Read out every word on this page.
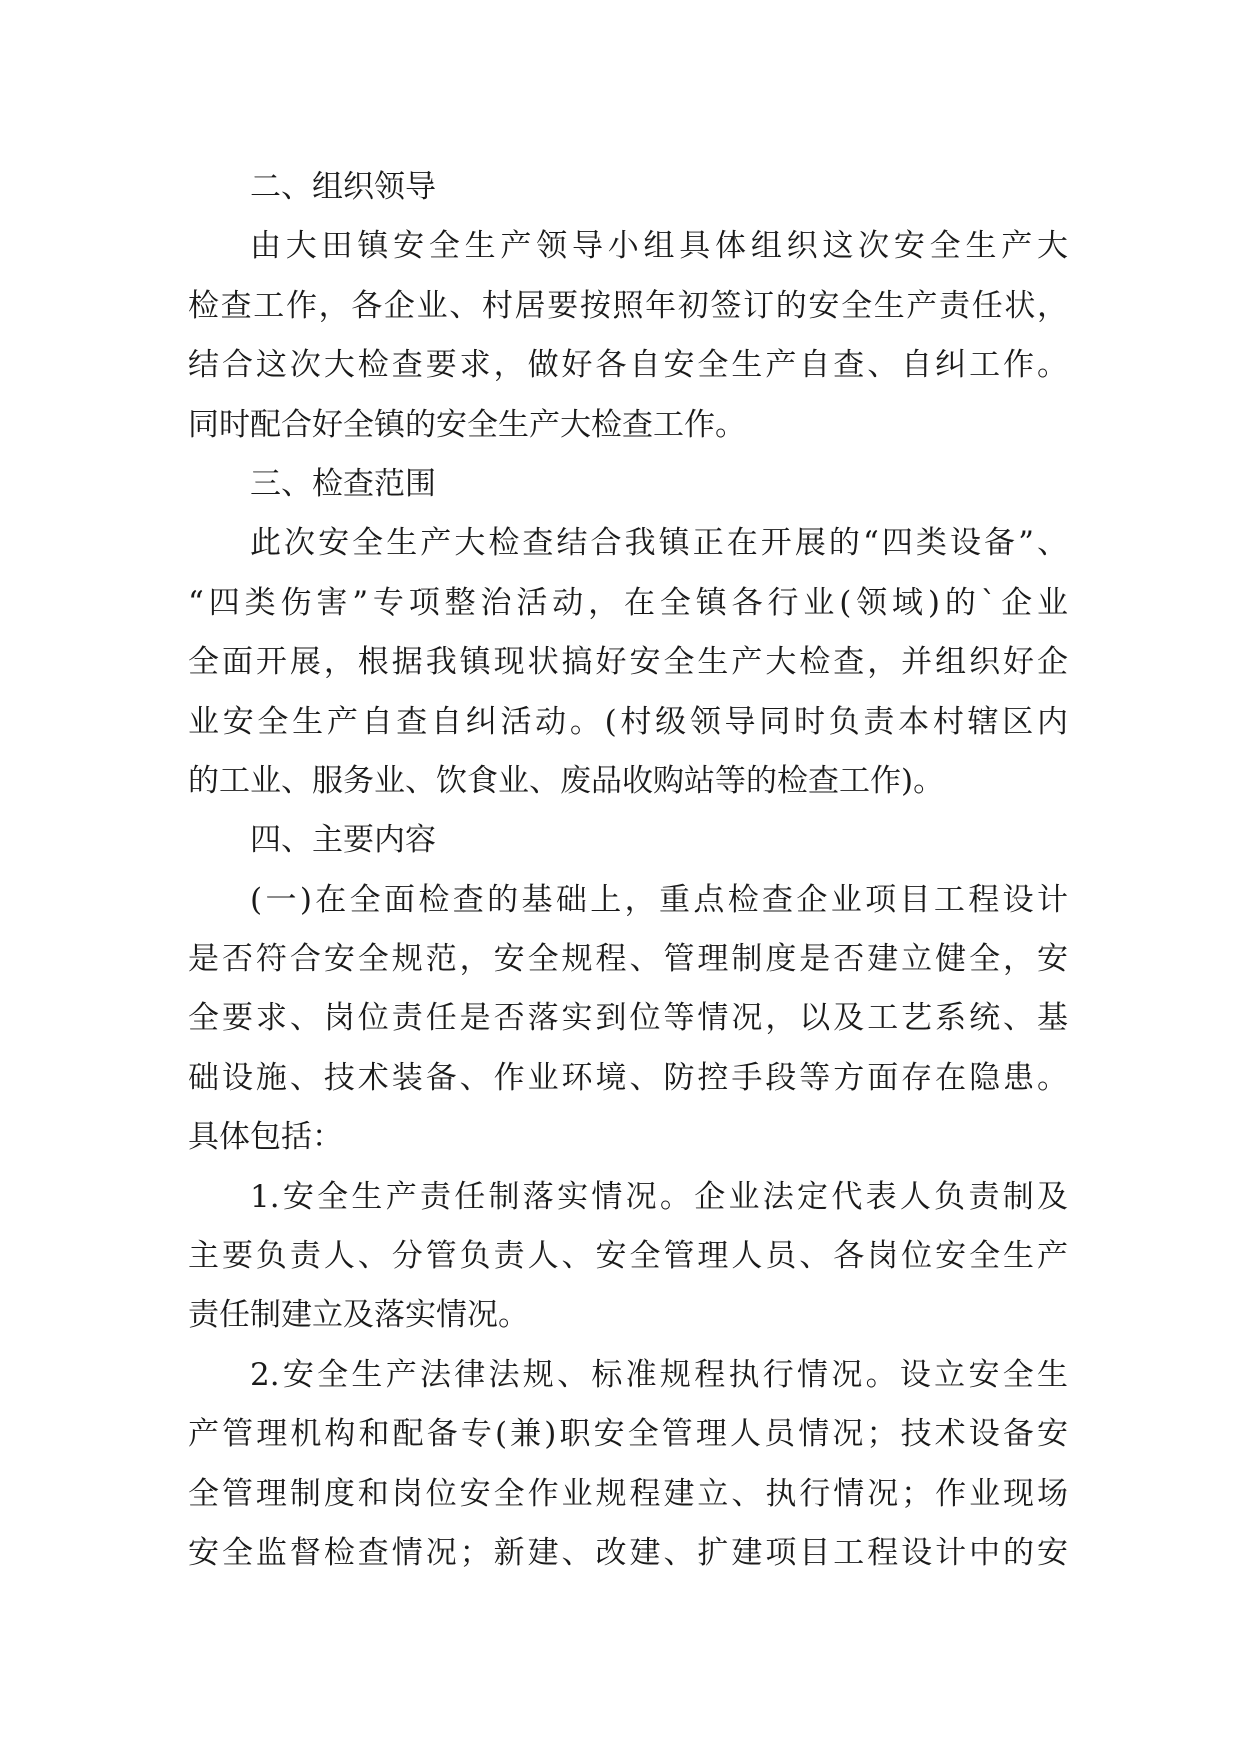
二、组织领导
由大田镇安全生产领导小组具体组织这次安全生产大
检查工作，各企业、村居要按照年初签订的安全生产责任状，
结合这次大检查要求，做好各自安全生产自查、自纠工作。
同时配合好全镇的安全生产大检查工作。
三、检查范围
此次安全生产大检查结合我镇正在开展的“四类设备”、
“四类伤害”专项整治活动，在全镇各行业(领域)的`企业
全面开展，根据我镇现状搞好安全生产大检查，并组织好企
业安全生产自查自纠活动。(村级领导同时负责本村辖区内
的工业、服务业、饮食业、废品收购站等的检查工作)。
四、主要内容
(一)在全面检查的基础上，重点检查企业项目工程设计
是否符合安全规范，安全规程、管理制度是否建立健全，安
全要求、岗位责任是否落实到位等情况，以及工艺系统、基
础设施、技术装备、作业环境、防控手段等方面存在隐患。
具体包括：
1.安全生产责任制落实情况。企业法定代表人负责制及
主要负责人、分管负责人、安全管理人员、各岗位安全生产
责任制建立及落实情况。
2.安全生产法律法规、标准规程执行情况。设立安全生
产管理机构和配备专(兼)职安全管理人员情况；技术设备安
全管理制度和岗位安全作业规程建立、执行情况；作业现场
安全监督检查情况；新建、改建、扩建项目工程设计中的安
